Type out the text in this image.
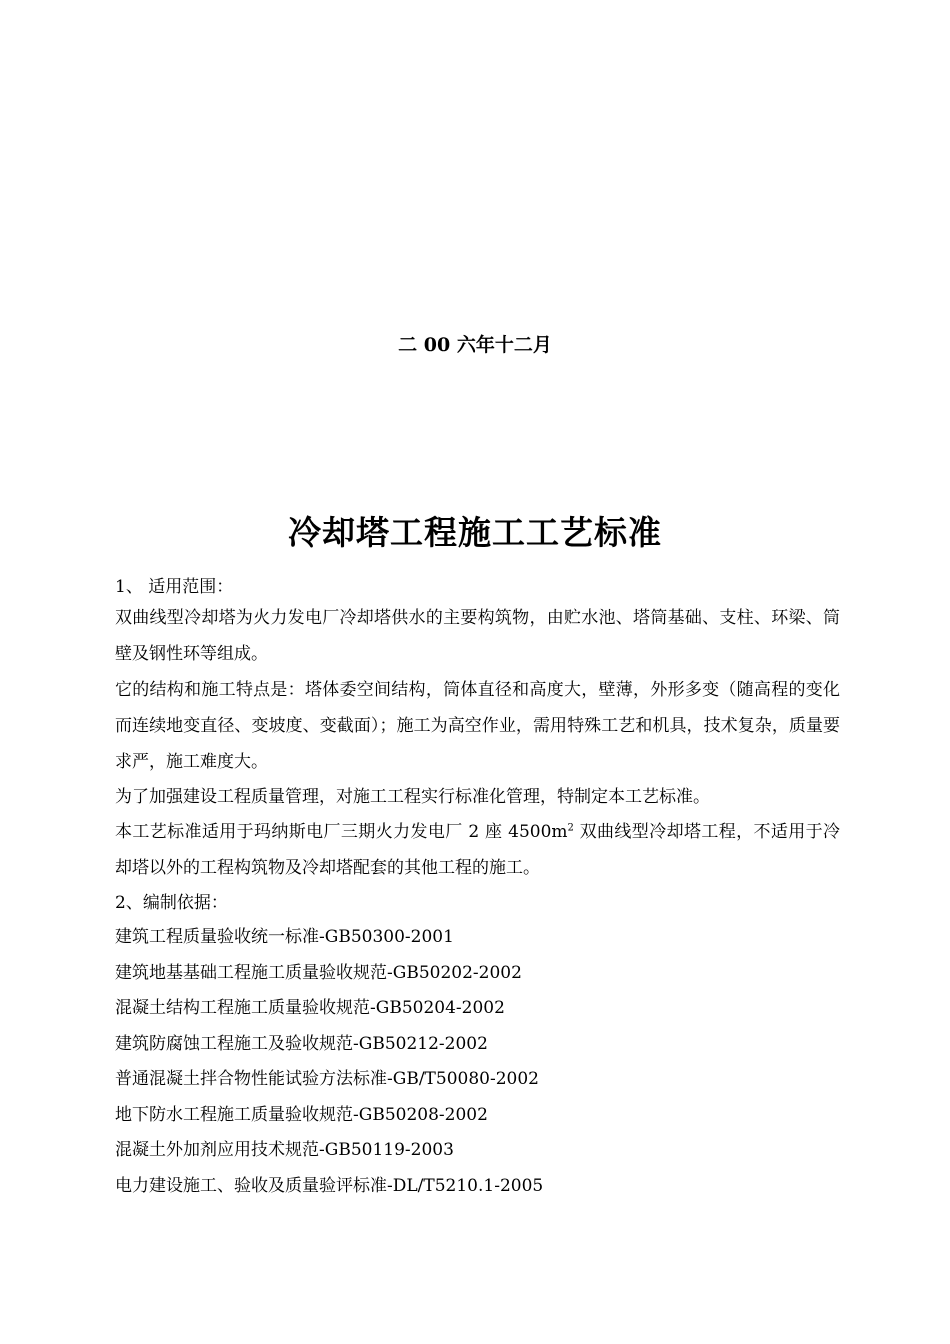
二 00 六年十二月
冷却塔工程施工工艺标准

1、 适用范围：

双曲线型冷却塔为火力发电厂冷却塔供水的主要构筑物，由贮水池、塔筒基础、支柱、环梁、筒壁及钢性环等组成。

它的结构和施工特点是：塔体委空间结构，筒体直径和高度大，壁薄，外形多变（随高程的变化而连续地变直径、变坡度、变截面）；施工为高空作业，需用特殊工艺和机具，技术复杂，质量要求严，施工难度大。

为了加强建设工程质量管理，对施工工程实行标准化管理，特制定本工艺标准。

本工艺标准适用于玛纳斯电厂三期火力发电厂 2 座 $4500m^2$ 双曲线型冷却塔工程，不适用于冷却塔以外的工程构筑物及冷却塔配套的其他工程的施工。

2、编制依据：

建筑工程质量验收统一标准-GB50300-2001

建筑地基基础工程施工质量验收规范-GB50202-2002

混凝土结构工程施工质量验收规范-GB50204-2002

建筑防腐蚀工程施工及验收规范-GB50212-2002

普通混凝土拌合物性能试验方法标准-GB/T50080-2002

地下防水工程施工质量验收规范-GB50208-2002

混凝土外加剂应用技术规范-GB50119-2003

电力建设施工、验收及质量验评标准-DL/T5210.1-2005
